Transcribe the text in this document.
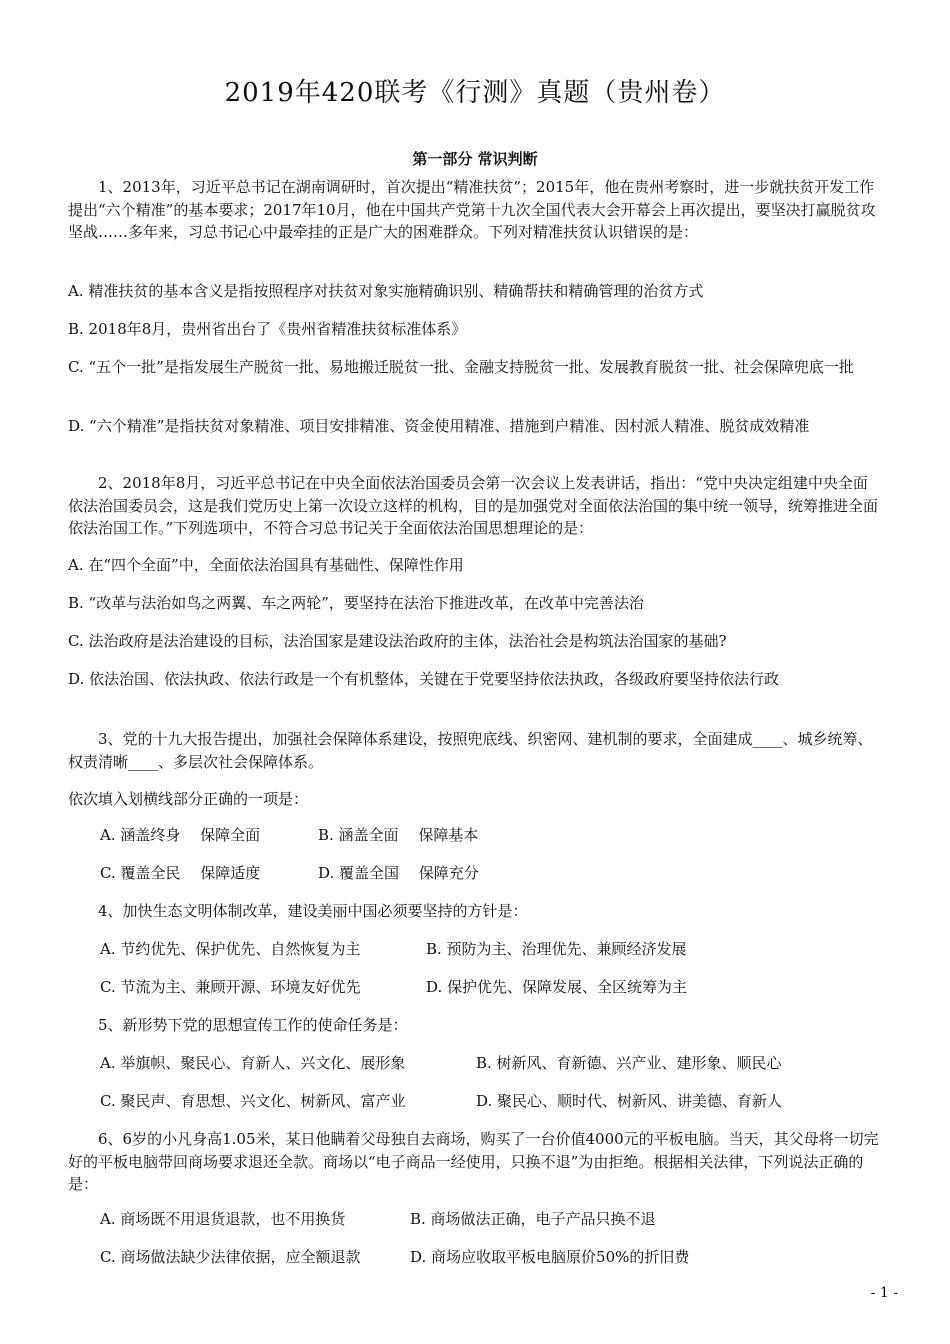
2019年420联考《行测》真题（贵州卷）
第一部分 常识判断

1、2013年，习近平总书记在湖南调研时，首次提出“精准扶贫”；2015年，他在贵州考察时，进一步就扶贫开发工作提出“六个精准”的基本要求；2017年10月，他在中国共产党第十九次全国代表大会开幕会上再次提出，要坚决打赢脱贫攻坚战……多年来，习总书记心中最牵挂的正是广大的困难群众。下列对精准扶贫认识错误的是：

A. 精准扶贫的基本含义是指按照程序对扶贫对象实施精确识别、精确帮扶和精确管理的治贫方式

B. 2018年8月，贵州省出台了《贵州省精准扶贫标准体系》

C. “五个一批”是指发展生产脱贫一批、易地搬迁脱贫一批、金融支持脱贫一批、发展教育脱贫一批、社会保障兜底一批

D. “六个精准”是指扶贫对象精准、项目安排精准、资金使用精准、措施到户精准、因村派人精准、脱贫成效精准

2、2018年8月，习近平总书记在中央全面依法治国委员会第一次会议上发表讲话，指出：“党中央决定组建中央全面依法治国委员会，这是我们党历史上第一次设立这样的机构，目的是加强党对全面依法治国的集中统一领导，统筹推进全面依法治国工作。”下列选项中，不符合习总书记关于全面依法治国思想理论的是：

A. 在“四个全面”中，全面依法治国具有基础性、保障性作用

B. “改革与法治如鸟之两翼、车之两轮”，要坚持在法治下推进改革，在改革中完善法治

C. 法治政府是法治建设的目标，法治国家是建设法治政府的主体，法治社会是构筑法治国家的基础?

D. 依法治国、依法执政、依法行政是一个有机整体，关键在于党要坚持依法执政，各级政府要坚持依法行政

3、党的十九大报告提出，加强社会保障体系建设，按照兜底线、织密网、建机制的要求，全面建成____、城乡统筹、权责清晰____、多层次社会保障体系。

依次填入划横线部分正确的一项是：

A. 涵盖终身　 保障全面	B. 涵盖全面　 保障基本
C. 覆盖全民　 保障适度	D. 覆盖全国　 保障充分

4、加快生态文明体制改革，建设美丽中国必须要坚持的方针是：

A. 节约优先、保护优先、自然恢复为主	B. 预防为主、治理优先、兼顾经济发展
C. 节流为主、兼顾开源、环境友好优先	D. 保护优先、保障发展、全区统筹为主

5、新形势下党的思想宣传工作的使命任务是：

A. 举旗帜、聚民心、育新人、兴文化、展形象	B. 树新风、育新德、兴产业、建形象、顺民心
C. 聚民声、育思想、兴文化、树新风、富产业	D. 聚民心、顺时代、树新风、讲美德、育新人

6、6岁的小凡身高1.05米，某日他瞒着父母独自去商场，购买了一台价值4000元的平板电脑。当天，其父母将一切完好的平板电脑带回商场要求退还全款。商场以“电子商品一经使用，只换不退”为由拒绝。根据相关法律，下列说法正确的是：

A. 商场既不用退货退款，也不用换货	B. 商场做法正确，电子产品只换不退
C. 商场做法缺少法律依据，应全额退款	D. 商场应收取平板电脑原价50%的折旧费
- 1 -
